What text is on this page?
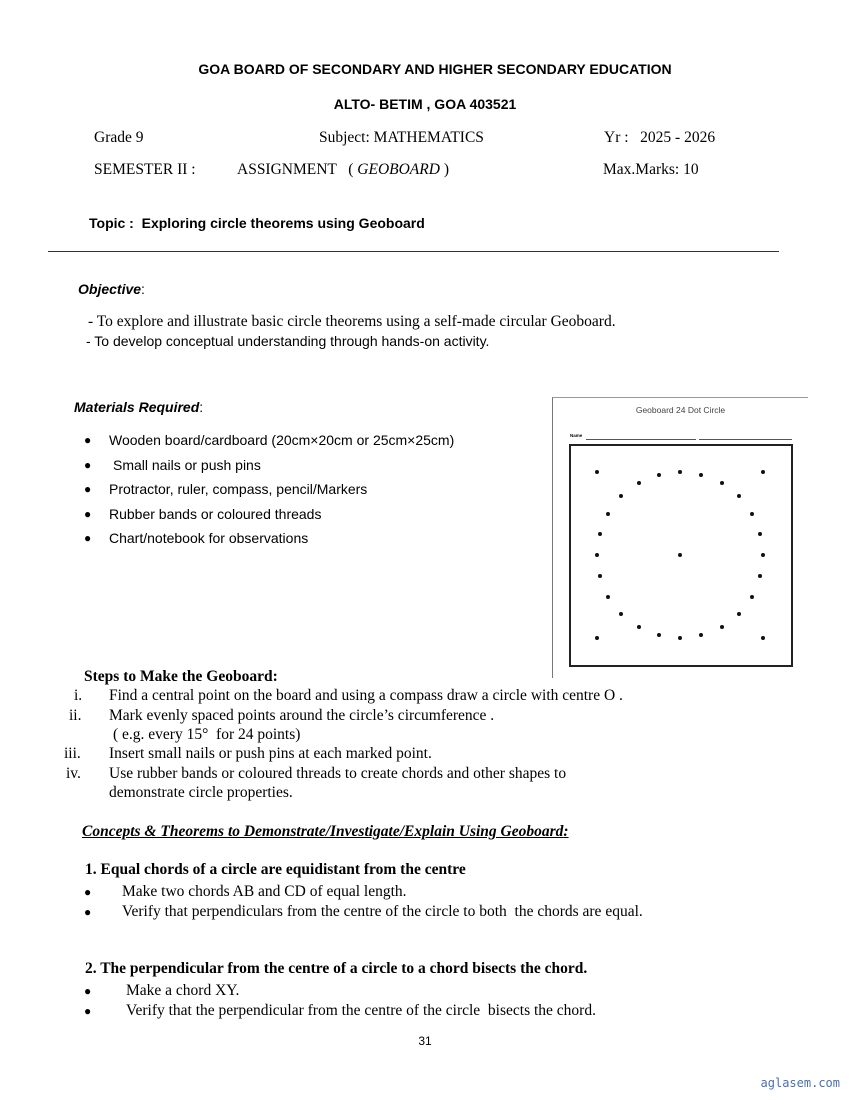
GOA BOARD OF SECONDARY AND HIGHER SECONDARY EDUCATION
ALTO- BETIM , GOA 403521
Grade 9	Subject: MATHEMATICS	Yr :   2025 - 2026
SEMESTER II :	ASSIGNMENT   ( GEOBOARD )	Max.Marks: 10
Topic :  Exploring circle theorems using Geoboard
Objective:
- To explore and illustrate basic circle theorems using a self-made circular Geoboard.
- To develop conceptual understanding through hands-on activity.
Materials Required:
● Wooden board/cardboard (20cm×20cm or 25cm×25cm)
● Small nails or push pins
● Protractor, ruler, compass, pencil/Markers
● Rubber bands or coloured threads
● Chart/notebook for observations
Geoboard 24 Dot Circle
Name
Steps to Make the Geoboard:
i. Find a central point on the board and using a compass draw a circle with centre O .
ii. Mark evenly spaced points around the circle’s circumference .
( e.g. every 15°  for 24 points)
iii. Insert small nails or push pins at each marked point.
iv. Use rubber bands or coloured threads to create chords and other shapes to
demonstrate circle properties.
Concepts & Theorems to Demonstrate/Investigate/Explain Using Geoboard:
1. Equal chords of a circle are equidistant from the centre
● Make two chords AB and CD of equal length.
● Verify that perpendiculars from the centre of the circle to both  the chords are equal.
2. The perpendicular from the centre of a circle to a chord bisects the chord.
● Make a chord XY.
● Verify that the perpendicular from the centre of the circle  bisects the chord.
31
aglasem.com
